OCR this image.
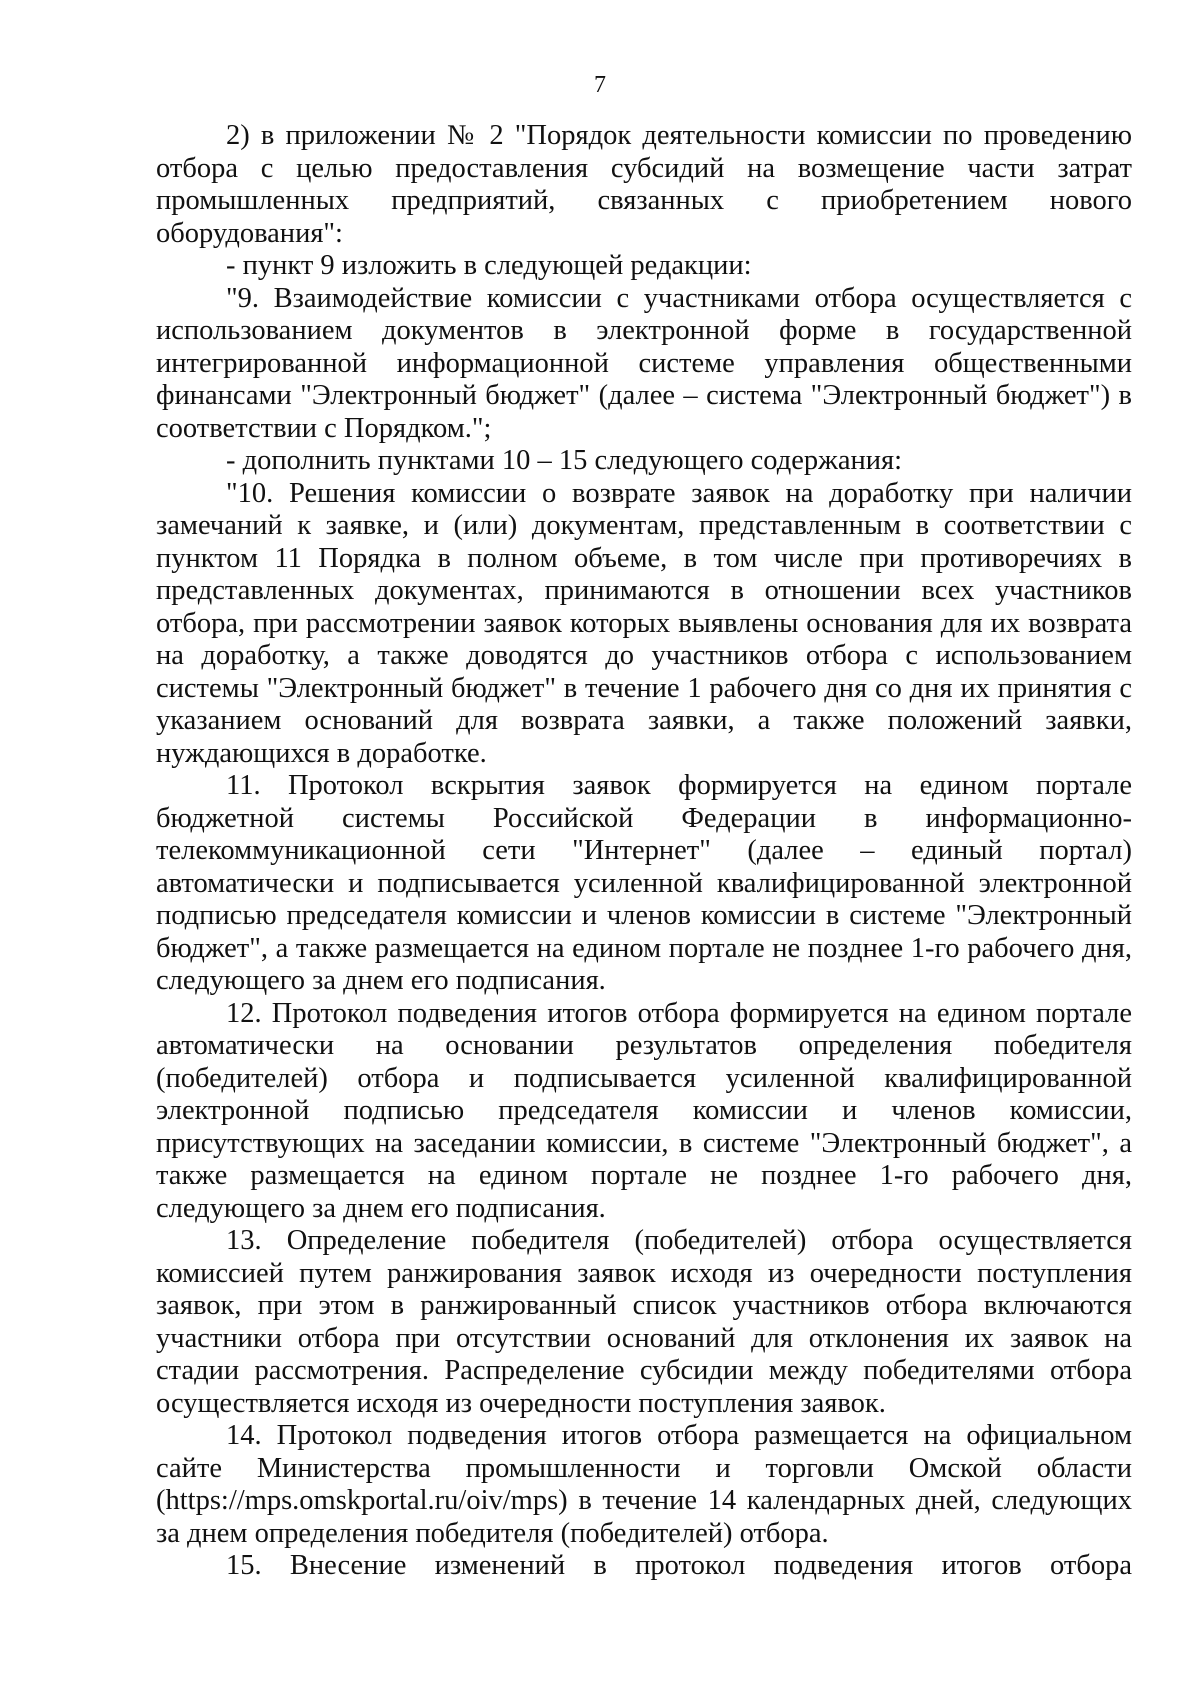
7

2) в приложении № 2 "Порядок деятельности комиссии по проведению отбора с целью предоставления субсидий на возмещение части затрат промышленных предприятий, связанных с приобретением нового оборудования":

- пункт 9 изложить в следующей редакции:

"9. Взаимодействие комиссии с участниками отбора осуществляется с использованием документов в электронной форме в государственной интегрированной информационной системе управления общественными финансами "Электронный бюджет" (далее – система "Электронный бюджет") в соответствии с Порядком.";

- дополнить пунктами 10 – 15 следующего содержания:

"10. Решения комиссии о возврате заявок на доработку при наличии замечаний к заявке, и (или) документам, представленным в соответствии с пунктом 11 Порядка в полном объеме, в том числе при противоречиях в представленных документах, принимаются в отношении всех участников отбора, при рассмотрении заявок которых выявлены основания для их возврата на доработку, а также доводятся до участников отбора с использованием системы "Электронный бюджет" в течение 1 рабочего дня со дня их принятия с указанием оснований для возврата заявки, а также положений заявки, нуждающихся в доработке.

11. Протокол вскрытия заявок формируется на едином портале бюджетной системы Российской Федерации в информационно-телекоммуникационной сети "Интернет" (далее – единый портал) автоматически и подписывается усиленной квалифицированной электронной подписью председателя комиссии и членов комиссии в системе "Электронный бюджет", а также размещается на едином портале не позднее 1-го рабочего дня, следующего за днем его подписания.

12. Протокол подведения итогов отбора формируется на едином портале автоматически на основании результатов определения победителя (победителей) отбора и подписывается усиленной квалифицированной электронной подписью председателя комиссии и членов комиссии, присутствующих на заседании комиссии, в системе "Электронный бюджет", а также размещается на едином портале не позднее 1-го рабочего дня, следующего за днем его подписания.

13. Определение победителя (победителей) отбора осуществляется комиссией путем ранжирования заявок исходя из очередности поступления заявок, при этом в ранжированный список участников отбора включаются участники отбора при отсутствии оснований для отклонения их заявок на стадии рассмотрения. Распределение субсидии между победителями отбора осуществляется исходя из очередности поступления заявок.

14. Протокол подведения итогов отбора размещается на официальном сайте Министерства промышленности и торговли Омской области (https://mps.omskportal.ru/oiv/mps) в течение 14 календарных дней, следующих за днем определения победителя (победителей) отбора.

15. Внесение изменений в протокол подведения итогов отбора
